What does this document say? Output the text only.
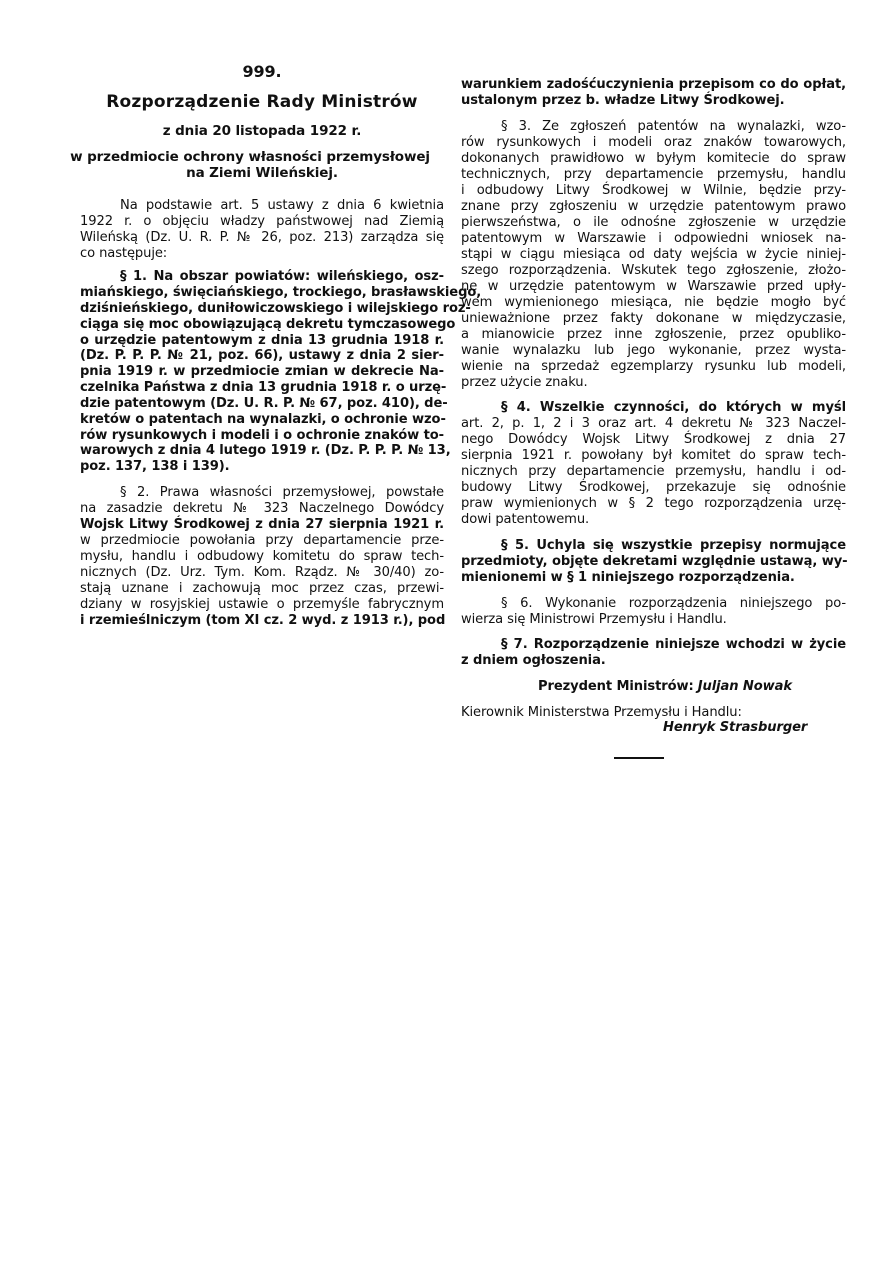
999.
Rozporządzenie Rady Ministrów
z dnia 20 listopada 1922 r.
w przedmiocie ochrony własności przemysłowej
na Ziemi Wileńskiej.
Na podstawie art. 5 ustawy z dnia 6 kwietnia
1922 r. o objęciu władzy państwowej nad Ziemią
Wileńską (Dz. U. R. P. № 26, poz. 213) zarządza się
co następuje:
§ 1. Na obszar powiatów: wileńskiego, osz-
miańskiego, święciańskiego, trockiego, brasławskiego,
dziśnieńskiego, duniłowiczowskiego i wilejskiego roz-
ciąga się moc obowiązującą dekretu tymczasowego
o urzędzie patentowym z dnia 13 grudnia 1918 r.
(Dz. P. P. P. № 21, poz. 66), ustawy z dnia 2 sier-
pnia 1919 r. w przedmiocie zmian w dekrecie Na-
czelnika Państwa z dnia 13 grudnia 1918 r. o urzę-
dzie patentowym (Dz. U. R. P. № 67, poz. 410), de-
kretów o patentach na wynalazki, o ochronie wzo-
rów rysunkowych i modeli i o ochronie znaków to-
warowych z dnia 4 lutego 1919 r. (Dz. P. P. P. № 13,
poz. 137, 138 i 139).
§ 2. Prawa własności przemysłowej, powstałe
na zasadzie dekretu № 323 Naczelnego Dowódcy
Wojsk Litwy Środkowej z dnia 27 sierpnia 1921 r.
w przedmiocie powołania przy departamencie prze-
mysłu, handlu i odbudowy komitetu do spraw tech-
nicznych (Dz. Urz. Tym. Kom. Rządz. № 30/40) zo-
stają uznane i zachowują moc przez czas, przewi-
dziany w rosyjskiej ustawie o przemyśle fabrycznym
i rzemieślniczym (tom XI cz. 2 wyd. z 1913 r.), pod
warunkiem zadośćuczynienia przepisom co do opłat,
ustalonym przez b. władze Litwy Środkowej.
§ 3. Ze zgłoszeń patentów na wynalazki, wzo-
rów rysunkowych i modeli oraz znaków towarowych,
dokonanych prawidłowo w byłym komitecie do spraw
technicznych, przy departamencie przemysłu, handlu
i odbudowy Litwy Środkowej w Wilnie, będzie przy-
znane przy zgłoszeniu w urzędzie patentowym prawo
pierwszeństwa, o ile odnośne zgłoszenie w urzędzie
patentowym w Warszawie i odpowiedni wniosek na-
stąpi w ciągu miesiąca od daty wejścia w życie niniej-
szego rozporządzenia. Wskutek tego zgłoszenie, złożo-
ne w urzędzie patentowym w Warszawie przed upły-
wem wymienionego miesiąca, nie będzie mogło być
unieważnione przez fakty dokonane w międzyczasie,
a mianowicie przez inne zgłoszenie, przez opubliko-
wanie wynalazku lub jego wykonanie, przez wysta-
wienie na sprzedaż egzemplarzy rysunku lub modeli,
przez użycie znaku.
§ 4. Wszelkie czynności, do których w myśl
art. 2, p. 1, 2 i 3 oraz art. 4 dekretu № 323 Naczel-
nego Dowódcy Wojsk Litwy Środkowej z dnia 27
sierpnia 1921 r. powołany był komitet do spraw tech-
nicznych przy departamencie przemysłu, handlu i od-
budowy Litwy Środkowej, przekazuje się odnośnie
praw wymienionych w § 2 tego rozporządzenia urzę-
dowi patentowemu.
§ 5. Uchyla się wszystkie przepisy normujące
przedmioty, objęte dekretami względnie ustawą, wy-
mienionemi w § 1 niniejszego rozporządzenia.
§ 6. Wykonanie rozporządzenia niniejszego po-
wierza się Ministrowi Przemysłu i Handlu.
§ 7. Rozporządzenie niniejsze wchodzi w życie
z dniem ogłoszenia.
Prezydent Ministrów: Juljan Nowak
Kierownik Ministerstwa Przemysłu i Handlu:
Henryk Strasburger
